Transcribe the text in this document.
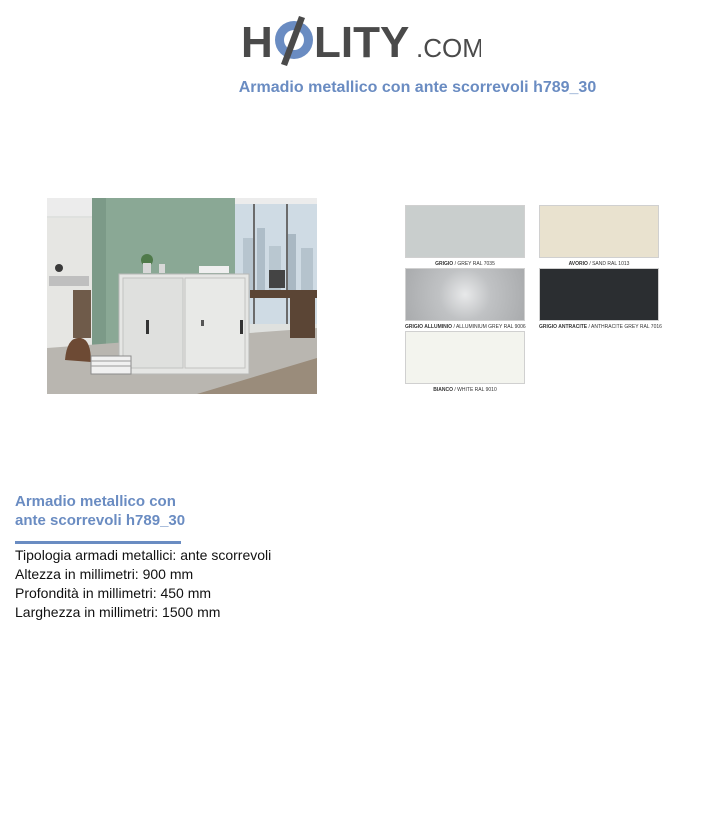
H LITY .COM
Armadio metallico con ante scorrevoli h789_30
GRIGIO / GREY RAL 7035	AVORIO / SAND RAL 1013
GRIGIO ALLUMINIO / ALLUMINIUM GREY RAL 9006	GRIGIO ANTRACITE / ANTHRACITE GREY RAL 7016
BIANCO / WHITE RAL 9010
Armadio metallico con
ante scorrevoli h789_30
Tipologia armadi metallici: ante scorrevoli
Altezza in millimetri: 900 mm
Profondità in millimetri: 450 mm
Larghezza in millimetri: 1500 mm
